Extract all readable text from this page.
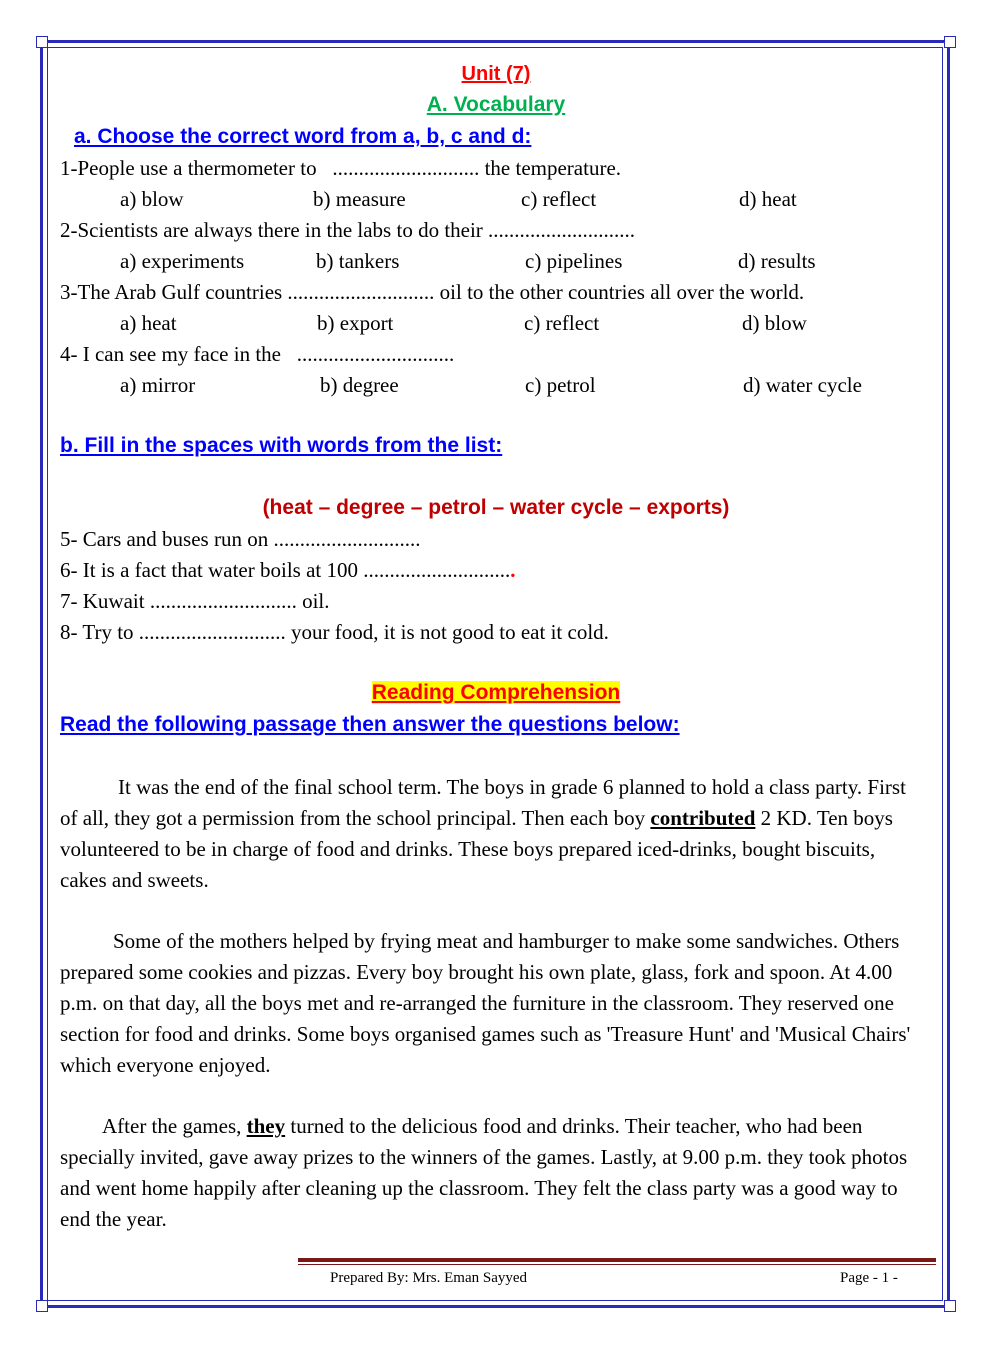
Unit (7)
A. Vocabulary
a. Choose the correct word from a, b, c and d:
1-People use a thermometer to   ............................ the temperature.
a) blow	b) measure	c) reflect	d) heat
2-Scientists are always there in the labs to do their ............................
a) experiments	b) tankers	c) pipelines	d) results
3-The Arab Gulf countries ............................ oil to the other countries all over the world.
a) heat	b) export	c) reflect	d) blow
4- I can see my face in the   ..............................
a) mirror	b) degree	c) petrol	d) water cycle
b. Fill in the spaces with words from the list:
(heat – degree – petrol – water cycle – exports)
5- Cars and buses run on ............................
6- It is a fact that water boils at 100 .............................
7- Kuwait ............................ oil.
8- Try to ............................ your food, it is not good to eat it cold.
Reading Comprehension
Read the following passage then answer the questions below:

It was the end of the final school term. The boys in grade 6 planned to hold a class party. First of all, they got a permission from the school principal. Then each boy contributed 2 KD. Ten boys volunteered to be in charge of food and drinks. These boys prepared iced-drinks, bought biscuits, cakes and sweets.

Some of the mothers helped by frying meat and hamburger to make some sandwiches. Others prepared some cookies and pizzas. Every boy brought his own plate, glass, fork and spoon. At 4.00 p.m. on that day, all the boys met and re-arranged the furniture in the classroom. They reserved one section for food and drinks. Some boys organised games such as 'Treasure Hunt' and 'Musical Chairs' which everyone enjoyed.

After the games, they turned to the delicious food and drinks. Their teacher, who had been specially invited, gave away prizes to the winners of the games. Lastly, at 9.00 p.m. they took photos and went home happily after cleaning up the classroom. They felt the class party was a good way to end the year.

Prepared By: Mrs. Eman Sayyed	Page - 1 -
